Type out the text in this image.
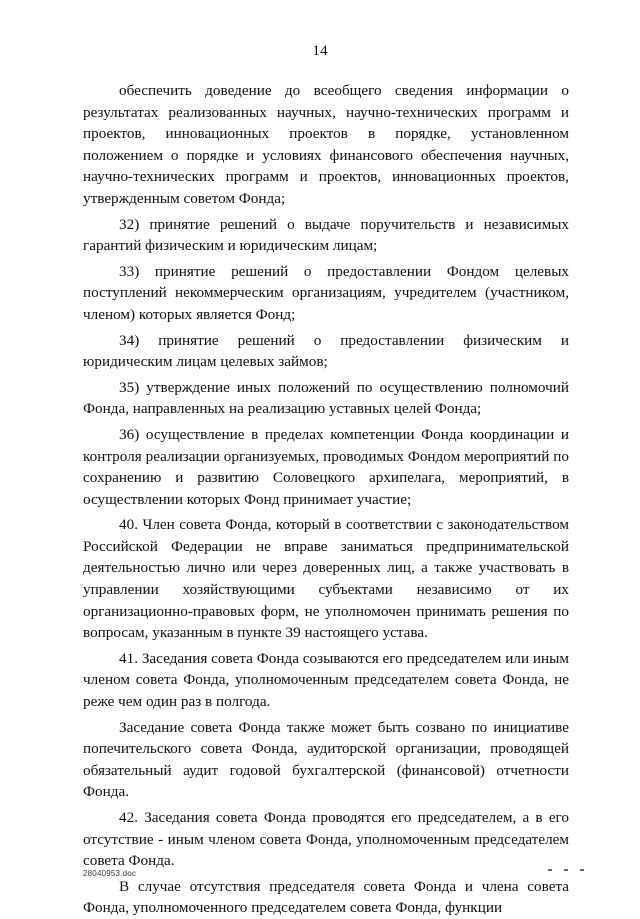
14

обеспечить доведение до всеобщего сведения информации о результатах реализованных научных, научно-технических программ и проектов, инновационных проектов в порядке, установленном положением о порядке и условиях финансового обеспечения научных, научно-технических программ и проектов, инновационных проектов, утвержденным советом Фонда;

32) принятие решений о выдаче поручительств и независимых гарантий физическим и юридическим лицам;

33) принятие решений о предоставлении Фондом целевых поступлений некоммерческим организациям, учредителем (участником, членом) которых является Фонд;

34) принятие решений о предоставлении физическим и юридическим лицам целевых займов;

35) утверждение иных положений по осуществлению полномочий Фонда, направленных на реализацию уставных целей Фонда;

36) осуществление в пределах компетенции Фонда координации и контроля реализации организуемых, проводимых Фондом мероприятий по сохранению и развитию Соловецкого архипелага, мероприятий, в осуществлении которых Фонд принимает участие;

40. Член совета Фонда, который в соответствии с законодательством Российской Федерации не вправе заниматься предпринимательской деятельностью лично или через доверенных лиц, а также участвовать в управлении хозяйствующими субъектами независимо от их организационно-правовых форм, не уполномочен принимать решения по вопросам, указанным в пункте 39 настоящего устава.

41. Заседания совета Фонда созываются его председателем или иным членом совета Фонда, уполномоченным председателем совета Фонда, не реже чем один раз в полгода.

Заседание совета Фонда также может быть созвано по инициативе попечительского совета Фонда, аудиторской организации, проводящей обязательный аудит годовой бухгалтерской (финансовой) отчетности Фонда.

42. Заседания совета Фонда проводятся его председателем, а в его отсутствие - иным членом совета Фонда, уполномоченным председателем совета Фонда.

В случае отсутствия председателя совета Фонда и члена совета Фонда, уполномоченного председателем совета Фонда, функции

28040953.doc
